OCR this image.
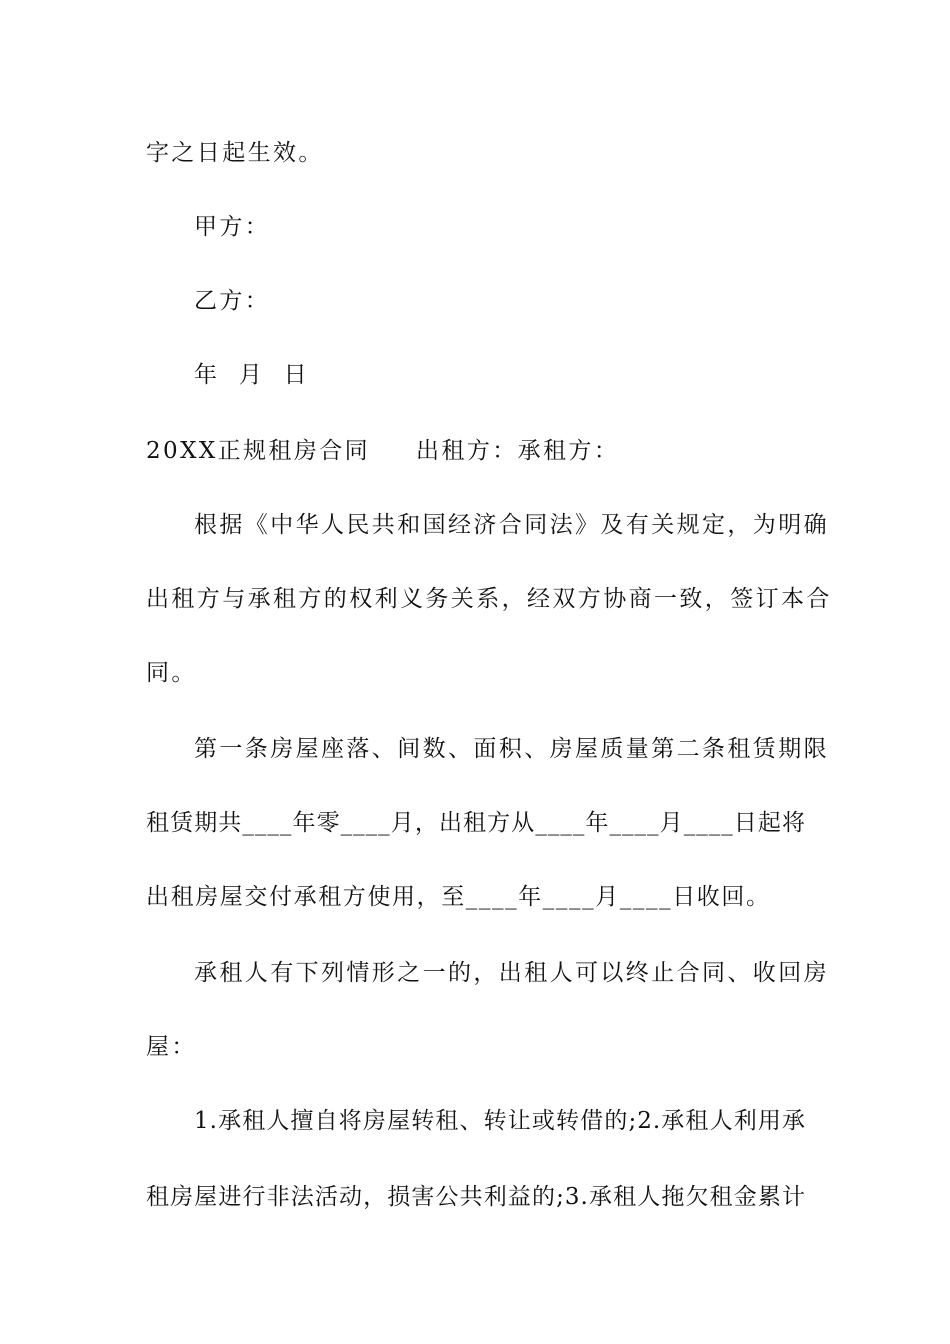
字之日起生效。
甲方：
乙方：
年  月  日
20XX正规租房合同 出租方：承租方：
根据《中华人民共和国经济合同法》及有关规定，为明确
出租方与承租方的权利义务关系，经双方协商一致，签订本合
同。
第一条房屋座落、间数、面积、房屋质量第二条租赁期限
租赁期共____年零____月，出租方从____年____月____日起将
出租房屋交付承租方使用，至____年____月____日收回。
承租人有下列情形之一的，出租人可以终止合同、收回房
屋：
1.承租人擅自将房屋转租、转让或转借的;2.承租人利用承
租房屋进行非法活动，损害公共利益的;3.承租人拖欠租金累计
